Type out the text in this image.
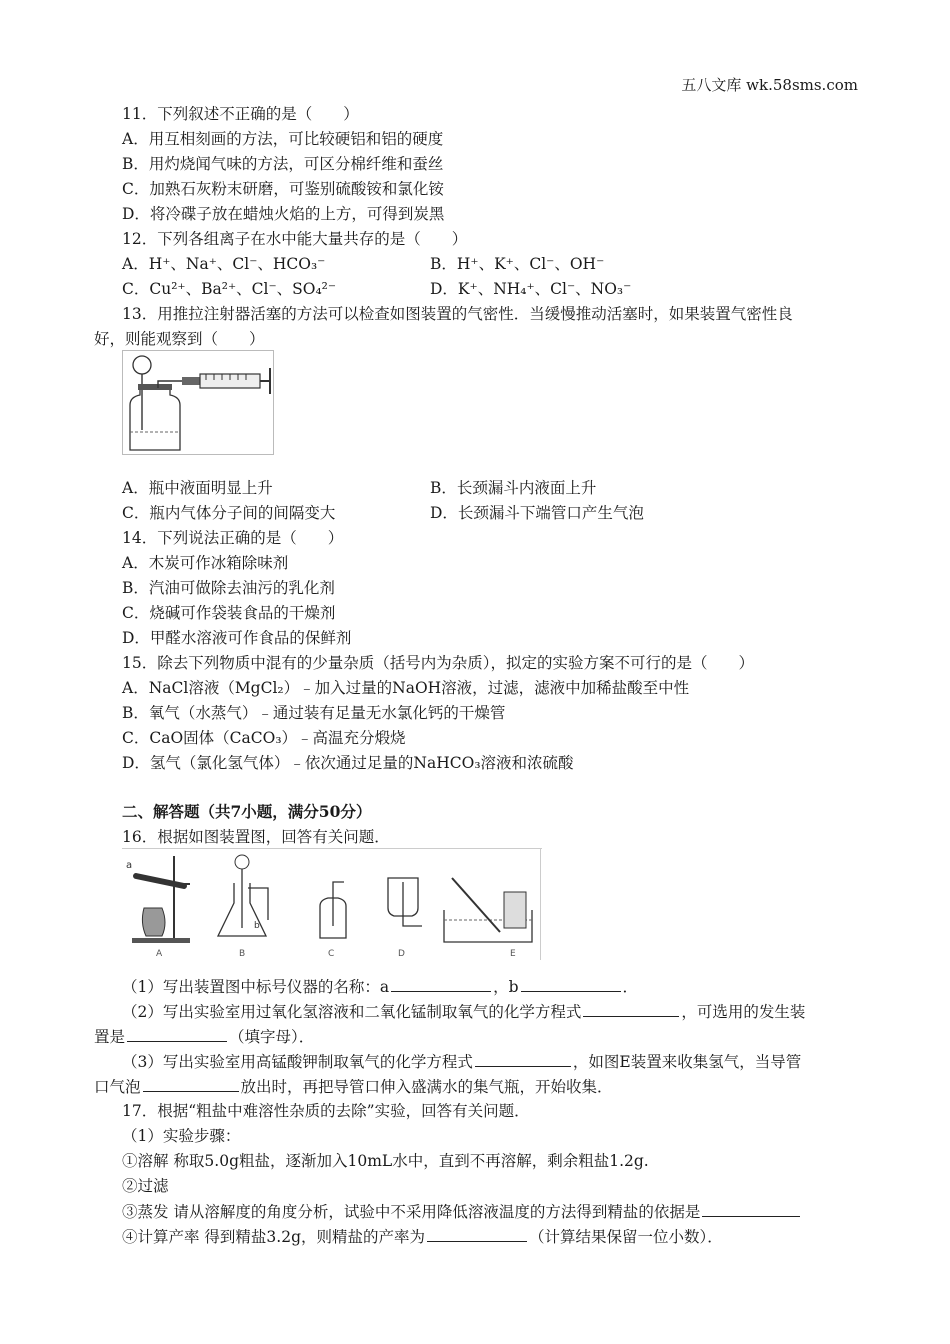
五八文库 wk.58sms.com
11．下列叙述不正确的是（　　）
A．用互相刻画的方法，可比较硬铝和铝的硬度
B．用灼烧闻气味的方法，可区分棉纤维和蚕丝
C．加熟石灰粉末研磨，可鉴别硫酸铵和氯化铵
D．将冷碟子放在蜡烛火焰的上方，可得到炭黑
12．下列各组离子在水中能大量共存的是（　　）
A．H⁺、Na⁺、Cl⁻、HCO₃⁻	B．H⁺、K⁺、Cl⁻、OH⁻
C．Cu²⁺、Ba²⁺、Cl⁻、SO₄²⁻	D．K⁺、NH₄⁺、Cl⁻、NO₃⁻
13．用推拉注射器活塞的方法可以检查如图装置的气密性．当缓慢推动活塞时，如果装置气密性良
好，则能观察到（　　）
A．瓶中液面明显上升	B．长颈漏斗内液面上升
C．瓶内气体分子间的间隔变大	D．长颈漏斗下端管口产生气泡
14．下列说法正确的是（　　）
A．木炭可作冰箱除味剂
B．汽油可做除去油污的乳化剂
C．烧碱可作袋装食品的干燥剂
D．甲醛水溶液可作食品的保鲜剂
15．除去下列物质中混有的少量杂质（括号内为杂质），拟定的实验方案不可行的是（　　）
A．NaCl溶液（MgCl₂）﹣加入过量的NaOH溶液，过滤，滤液中加稀盐酸至中性
B．氧气（水蒸气）﹣通过装有足量无水氯化钙的干燥管
C．CaO固体（CaCO₃）﹣高温充分煅烧
D．氢气（氯化氢气体）﹣依次通过足量的NaHCO₃溶液和浓硫酸
二、解答题（共7小题，满分50分）
16．根据如图装置图，回答有关问题．
a
A
b
B	C	D	E
（1）写出装置图中标号仪器的名称：a	，b	．
（2）写出实验室用过氧化氢溶液和二氧化锰制取氧气的化学方程式	，可选用的发生装
置是	（填字母）．
（3）写出实验室用高锰酸钾制取氧气的化学方程式	，如图E装置来收集氢气，当导管
口气泡	放出时，再把导管口伸入盛满水的集气瓶，开始收集．
17．根据“粗盐中难溶性杂质的去除”实验，回答有关问题．
（1）实验步骤：
①溶解 称取5.0g粗盐，逐渐加入10mL水中，直到不再溶解，剩余粗盐1.2g.
②过滤
③蒸发 请从溶解度的角度分析，试验中不采用降低溶液温度的方法得到精盐的依据是
④计算产率 得到精盐3.2g，则精盐的产率为	（计算结果保留一位小数）．
